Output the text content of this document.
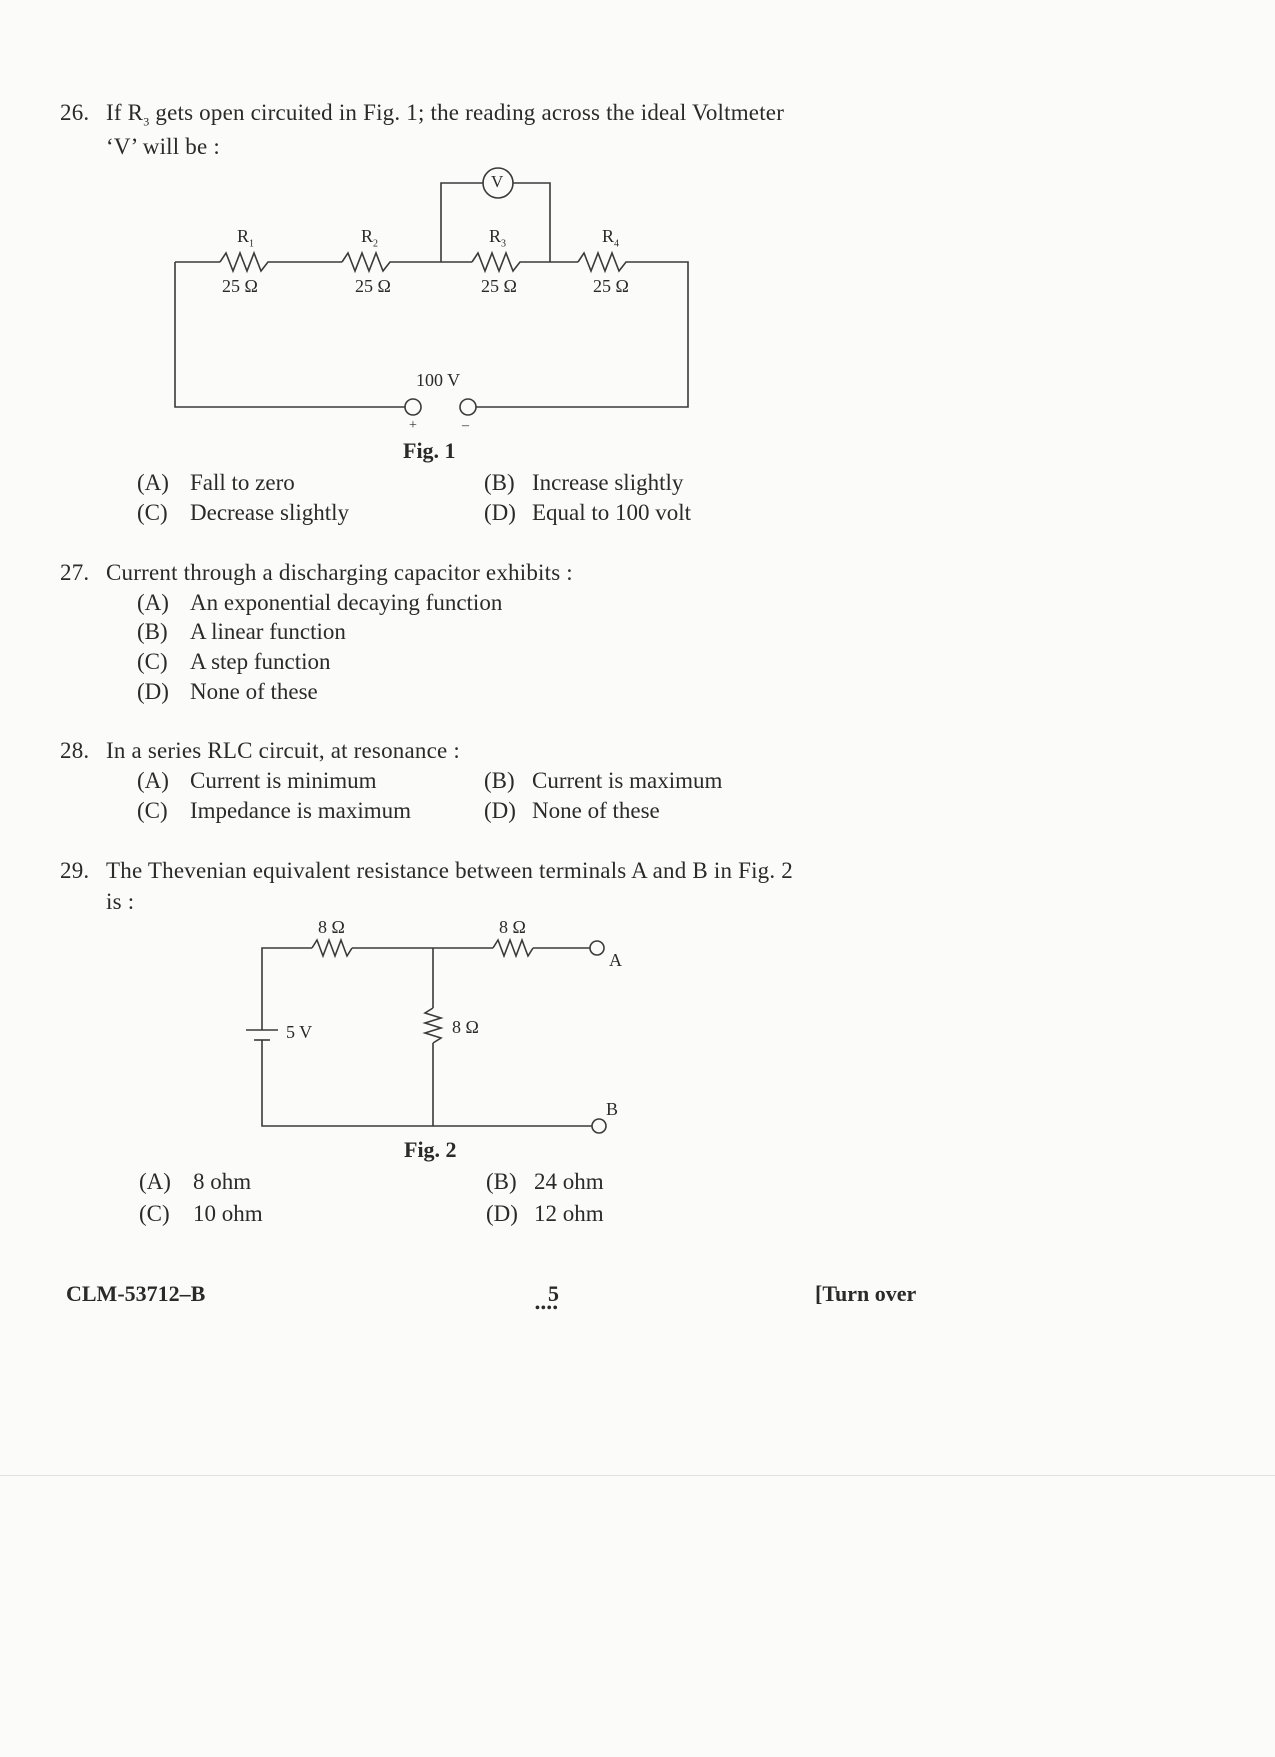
26. If $R_3$ gets open circuited in Fig. 1; the reading across the ideal Voltmeter
‘V’ will be :
V
$R_1$	$R_2$	$R_3$	$R_4$
25 Ω	25 Ω	25 Ω	25 Ω
100 V
+	–
Fig. 1
(A) Fall to zero	(B) Increase slightly
(C) Decrease slightly	(D) Equal to 100 volt
27. Current through a discharging capacitor exhibits :
(A) An exponential decaying function
(B) A linear function
(C) A step function
(D) None of these
28. In a series RLC circuit, at resonance :
(A) Current is minimum	(B) Current is maximum
(C) Impedance is maximum	(D) None of these
29. The Thevenian equivalent resistance between terminals A and B in Fig. 2
is :
8 Ω	8 Ω
8 Ω
5 V
A
B
Fig. 2
(A) 8 ohm	(B) 24 ohm
(C) 10 ohm	(D) 12 ohm
CLM-53712–B	5
••••
[Turn over
